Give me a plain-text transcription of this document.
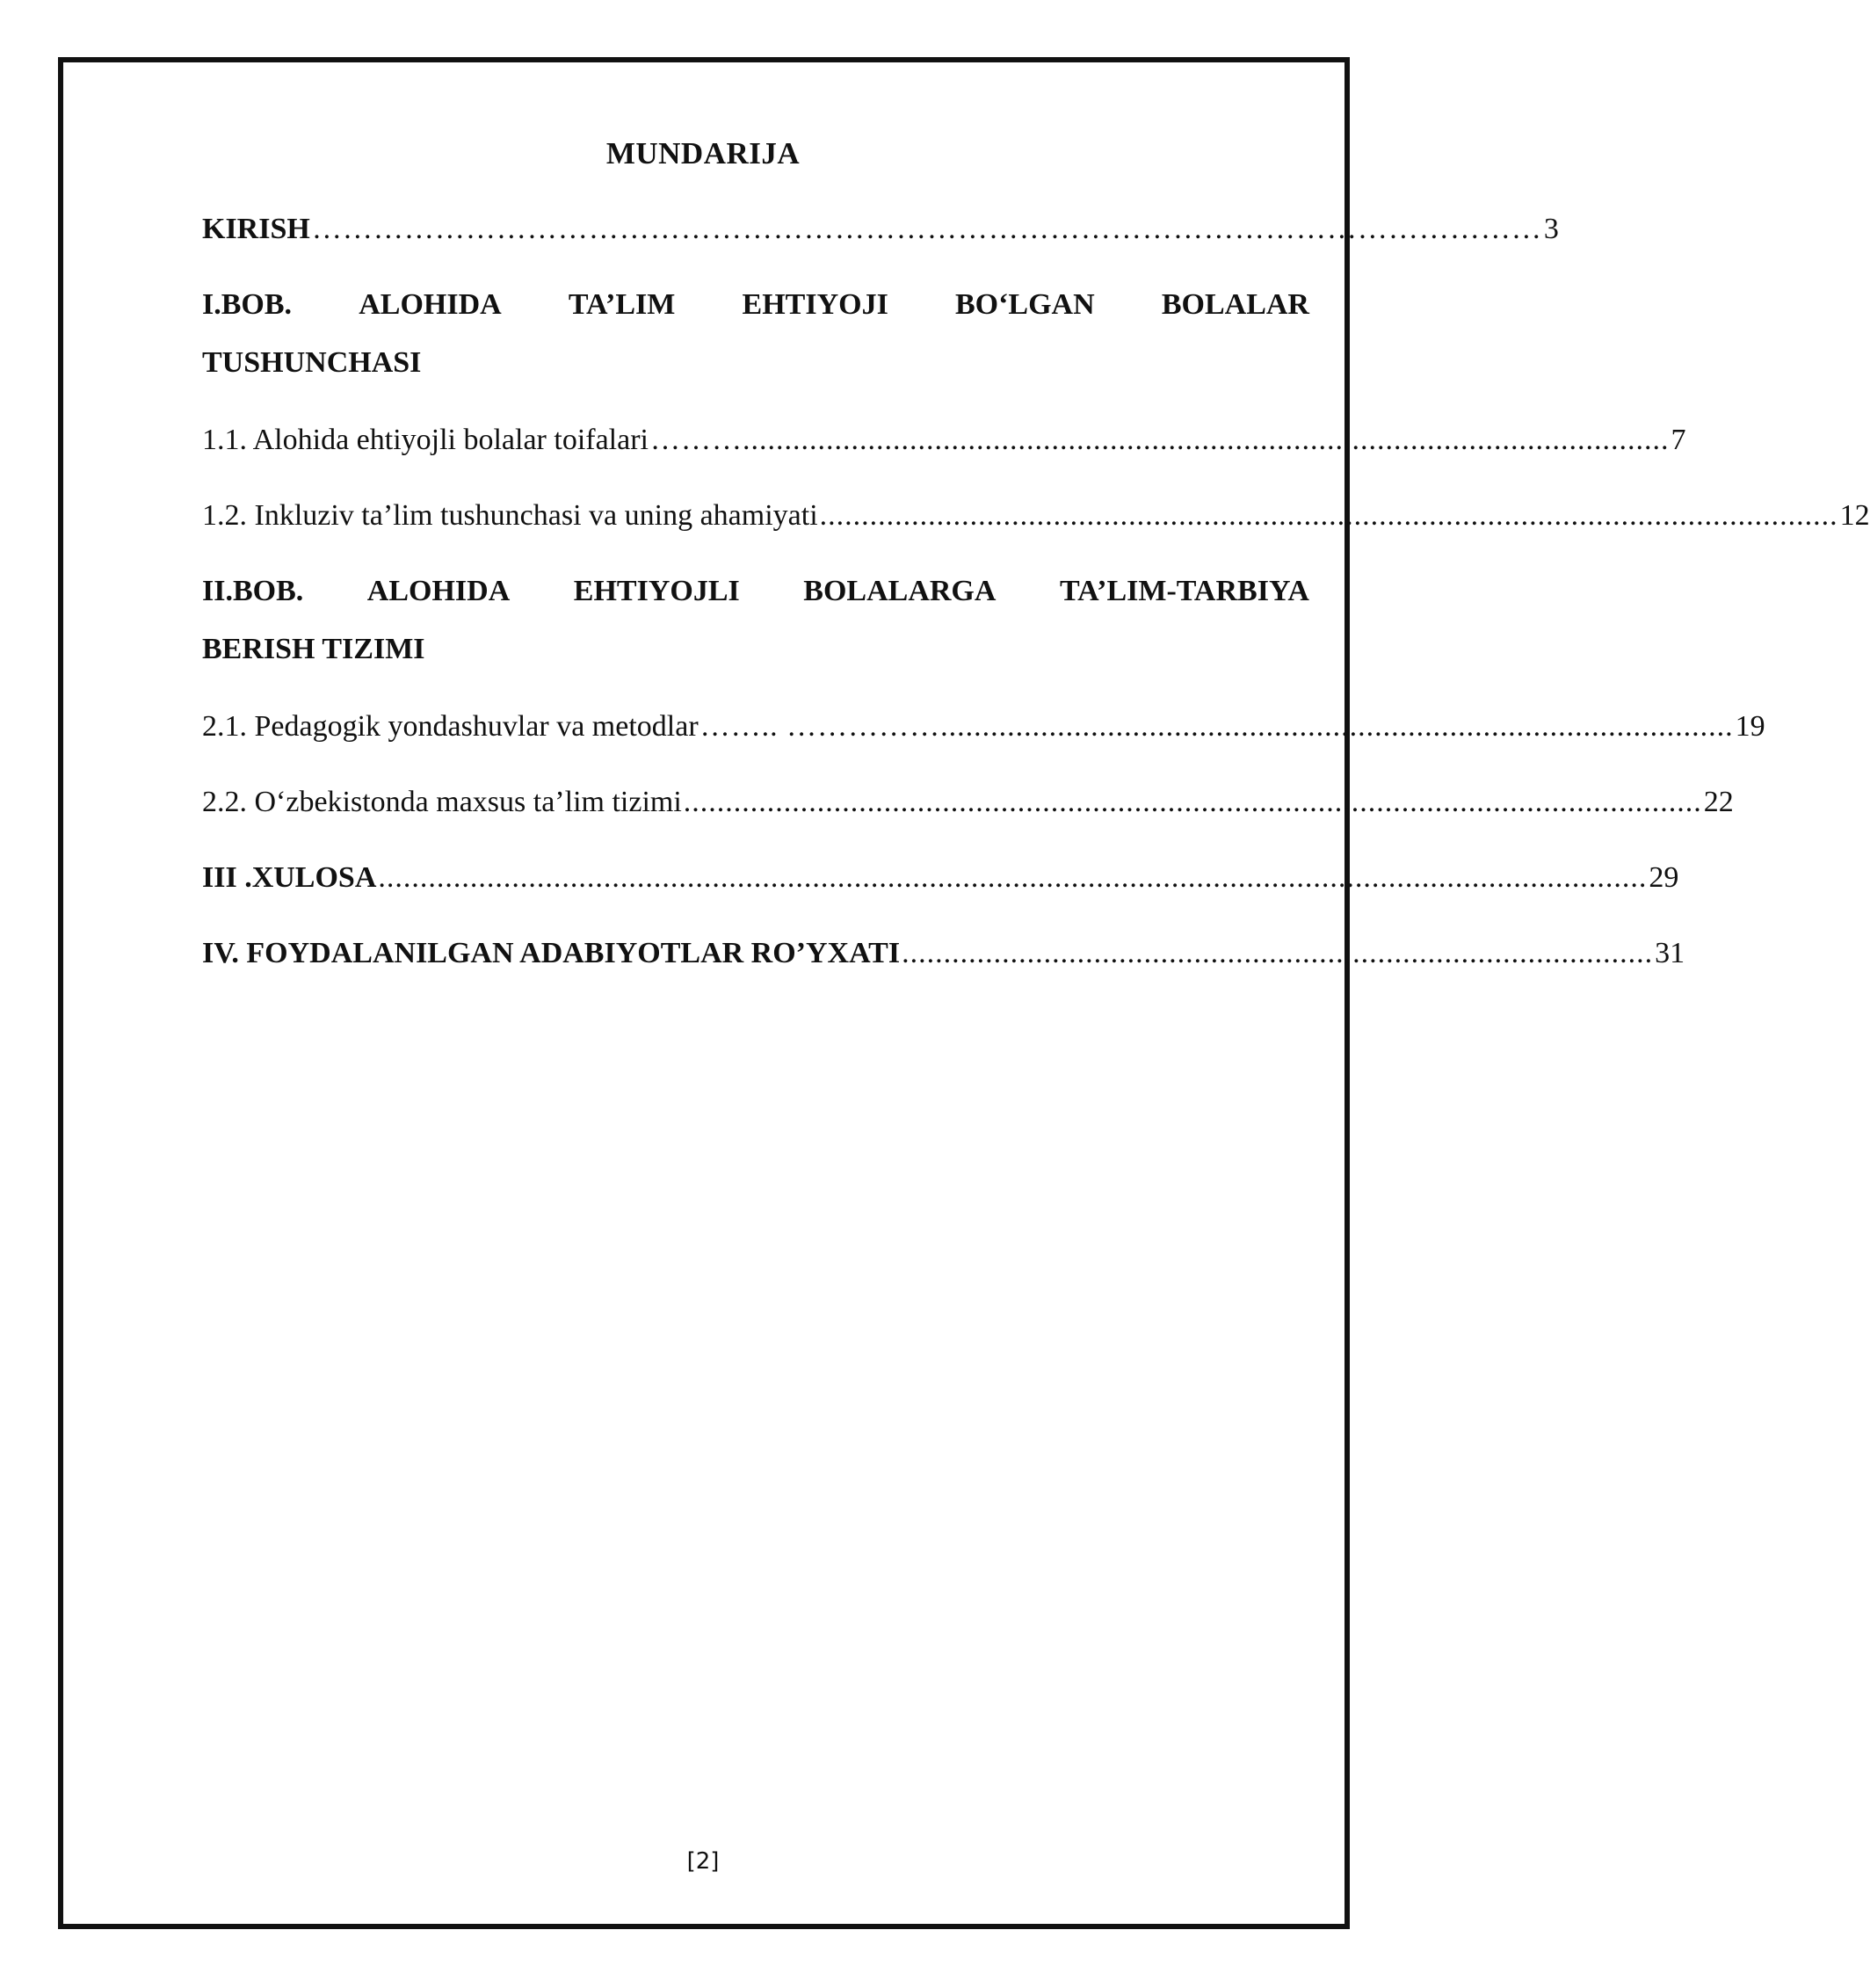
MUNDARIJA
KIRISH ………………………………………………………………………………………………………… 3
I.BOB. ALOHIDA TA’LIM EHTIYOJI BO‘LGAN BOLALAR
TUSHUNCHASI
1.1. Alohida ehtiyojli bolalar toifalari ………............................................................................................................... 7
1.2. Inkluziv ta’lim tushunchasi va uning ahamiyati .......................................................................................................................... 12
II.BOB. ALOHIDA EHTIYOJLI BOLALARGA TA’LIM-TARBIYA
BERISH TIZIMI
2.1. Pedagogik yondashuvlar va metodlar …….. ……………............................................................................................... 19
2.2. O‘zbekistonda maxsus ta’lim tizimi .......................................................................................................................... 22
III .XULOSA ........................................................................................................................................................ 29
IV. FOYDALANILGAN ADABIYOTLAR RO’YXATI .......................................................................................... 31
[2]
